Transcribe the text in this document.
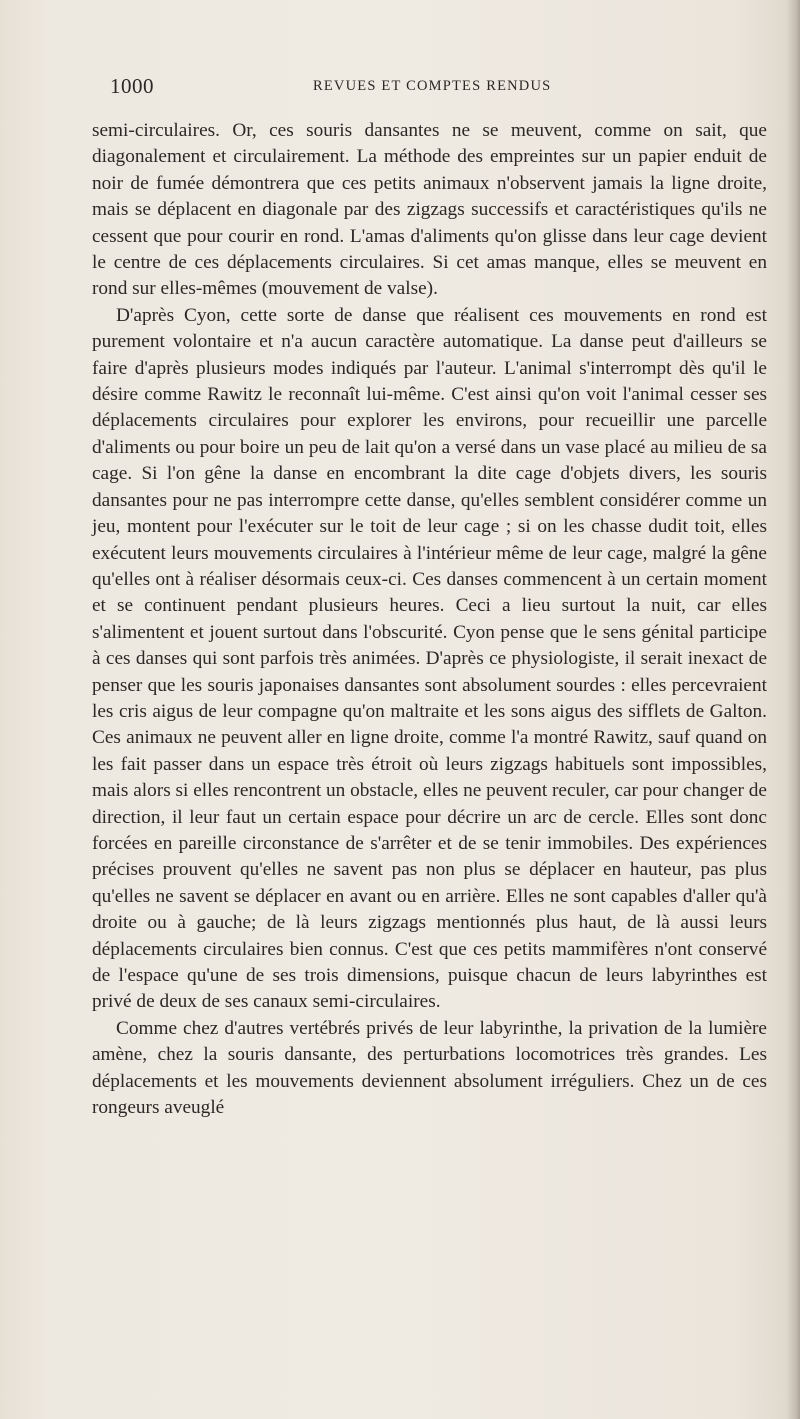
1000	REVUES ET COMPTES RENDUS

semi-circulaires. Or, ces souris dansantes ne se meuvent, comme on sait, que diagonalement et circulairement. La méthode des empreintes sur un papier enduit de noir de fumée démontrera que ces petits animaux n'observent jamais la ligne droite, mais se déplacent en diagonale par des zigzags successifs et caractéristiques qu'ils ne cessent que pour courir en rond. L'amas d'aliments qu'on glisse dans leur cage devient le centre de ces déplacements circulaires. Si cet amas manque, elles se meuvent en rond sur elles-mêmes (mouvement de valse).

D'après Cyon, cette sorte de danse que réalisent ces mouvements en rond est purement volontaire et n'a aucun caractère automatique. La danse peut d'ailleurs se faire d'après plusieurs modes indiqués par l'auteur. L'animal s'interrompt dès qu'il le désire comme Rawitz le reconnaît lui-même. C'est ainsi qu'on voit l'animal cesser ses déplacements circulaires pour explorer les environs, pour recueillir une parcelle d'aliments ou pour boire un peu de lait qu'on a versé dans un vase placé au milieu de sa cage. Si l'on gêne la danse en encombrant la dite cage d'objets divers, les souris dansantes pour ne pas interrompre cette danse, qu'elles semblent considérer comme un jeu, montent pour l'exécuter sur le toit de leur cage ; si on les chasse dudit toit, elles exécutent leurs mouvements circulaires à l'intérieur même de leur cage, malgré la gêne qu'elles ont à réaliser désormais ceux-ci. Ces danses commencent à un certain moment et se continuent pendant plusieurs heures. Ceci a lieu surtout la nuit, car elles s'alimentent et jouent surtout dans l'obscurité. Cyon pense que le sens génital participe à ces danses qui sont parfois très animées. D'après ce physiologiste, il serait inexact de penser que les souris japonaises dansantes sont absolument sourdes : elles percevraient les cris aigus de leur compagne qu'on maltraite et les sons aigus des sifflets de Galton. Ces animaux ne peuvent aller en ligne droite, comme l'a montré Rawitz, sauf quand on les fait passer dans un espace très étroit où leurs zigzags habituels sont impossibles, mais alors si elles rencontrent un obstacle, elles ne peuvent reculer, car pour changer de direction, il leur faut un certain espace pour décrire un arc de cercle. Elles sont donc forcées en pareille circonstance de s'arrêter et de se tenir immobiles. Des expériences précises prouvent qu'elles ne savent pas non plus se déplacer en hauteur, pas plus qu'elles ne savent se déplacer en avant ou en arrière. Elles ne sont capables d'aller qu'à droite ou à gauche; de là leurs zigzags mentionnés plus haut, de là aussi leurs déplacements circulaires bien connus. C'est que ces petits mammifères n'ont conservé de l'espace qu'une de ses trois dimensions, puisque chacun de leurs labyrinthes est privé de deux de ses canaux semi-circulaires.

Comme chez d'autres vertébrés privés de leur labyrinthe, la privation de la lumière amène, chez la souris dansante, des perturbations locomotrices très grandes. Les déplacements et les mouvements deviennent absolument irréguliers. Chez un de ces rongeurs aveuglé
